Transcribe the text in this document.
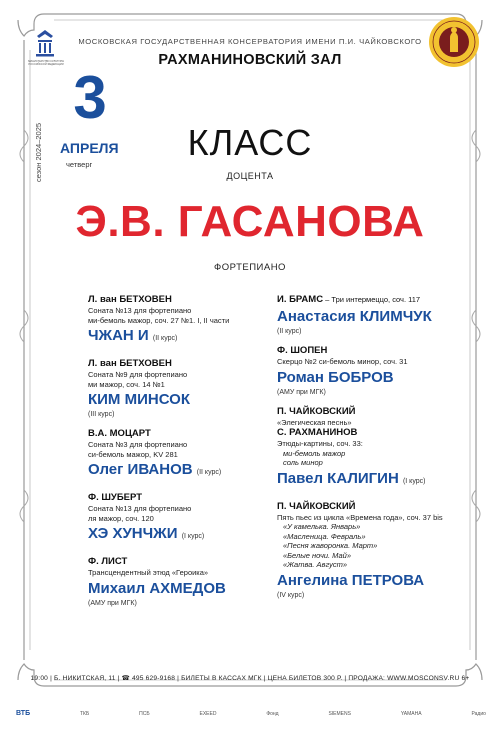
МИНИСТЕРСТВО КУЛЬТУРЫ РОССИЙСКОЙ ФЕДЕРАЦИИ
МОСКОВСКАЯ ГОСУДАРСТВЕННАЯ КОНСЕРВАТОРИЯ ИМЕНИ П.И. ЧАЙКОВСКОГО
РАХМАНИНОВСКИЙ ЗАЛ
3
АПРЕЛЯ
четверг
сезон 2024–2025	КЛАСС
ДОЦЕНТА
Э.В. ГАСАНОВА
ФОРТЕПИАНО
Л. ван БЕТХОВЕН
Соната №13 для фортепиано
ми-бемоль мажор, соч. 27 №1. I, II части
ЧЖАН И (II курс)
Л. ван БЕТХОВЕН
Соната №9 для фортепиано
ми мажор, соч. 14 №1
КИМ МИНСОК
(III курс)
В.А. МОЦАРТ
Соната №3 для фортепиано
си-бемоль мажор, KV 281
Олег ИВАНОВ (II курс)
Ф. ШУБЕРТ
Соната №13 для фортепиано
ля мажор, соч. 120
ХЭ ХУНЧЖИ (I курс)
Ф. ЛИСТ
Трансцендентный этюд «Героика»
Михаил АХМЕДОВ
(АМУ при МГК)
И. БРАМС – Три интермеццо, соч. 117
Анастасия КЛИМЧУК
(II курс)
Ф. ШОПЕН
Скерцо №2 си-бемоль минор, соч. 31
Роман БОБРОВ
(АМУ при МГК)
П. ЧАЙКОВСКИЙ
«Элегическая песнь»
С. РАХМАНИНОВ
Этюды-картины, соч. 33:
ми-бемоль мажор
соль минор
Павел КАЛИГИН (I курс)
П. ЧАЙКОВСКИЙ
Пять пьес из цикла «Времена года», соч. 37 bis
«У камелька. Январь»
«Масленица. Февраль»
«Песня жаворонка. Март»
«Белые ночи. Май»
«Жатва. Август»
Ангелина ПЕТРОВА
(IV курс)
19:00 | Б. НИКИТСКАЯ, 11 | ☎ 495 629-9168 | БИЛЕТЫ В КАССАХ МГК | ЦЕНА БИЛЕТОВ 300 Р. | ПРОДАЖА: WWW.MOSCONSV.RU 6+
ВТБ	ТКБ	ПСБ	EXEED	Фонд	SIEMENS	YAMAHA	Радио
